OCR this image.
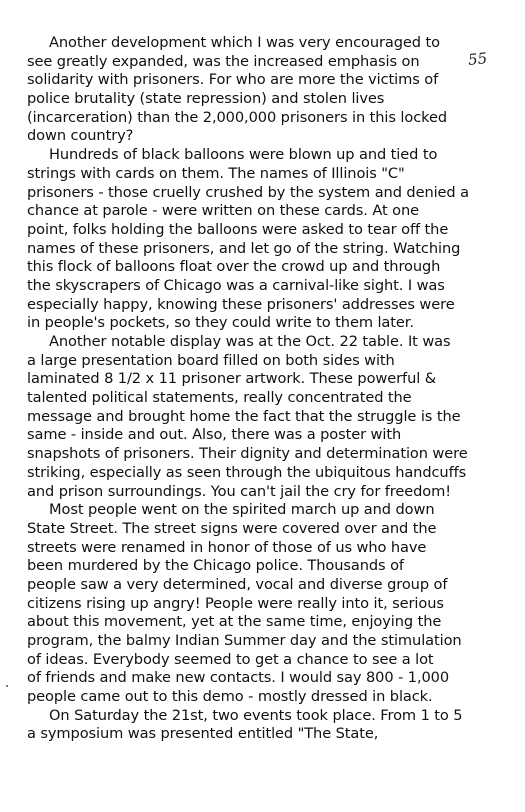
55
Another development which I was very encouraged to
see greatly expanded, was the increased emphasis on
solidarity with prisoners. For who are more the victims of
police brutality (state repression) and stolen lives
(incarceration) than the 2,000,000 prisoners in this locked
down country?
Hundreds of black balloons were blown up and tied to
strings with cards on them. The names of Illinois "C"
prisoners - those cruelly crushed by the system and denied a
chance at parole - were written on these cards. At one
point, folks holding the balloons were asked to tear off the
names of these prisoners, and let go of the string. Watching
this flock of balloons float over the crowd up and through
the skyscrapers of Chicago was a carnival-like sight. I was
especially happy, knowing these prisoners' addresses were
in people's pockets, so they could write to them later.
Another notable display was at the Oct. 22 table. It was
a large presentation board filled on both sides with
laminated 8 1/2 x 11 prisoner artwork. These powerful &
talented political statements, really concentrated the
message and brought home the fact that the struggle is the
same - inside and out. Also, there was a poster with
snapshots of prisoners. Their dignity and determination were
striking, especially as seen through the ubiquitous handcuffs
and prison surroundings. You can't jail the cry for freedom!
Most people went on the spirited march up and down
State Street. The street signs were covered over and the
streets were renamed in honor of those of us who have
been murdered by the Chicago police. Thousands of
people saw a very determined, vocal and diverse group of
citizens rising up angry! People were really into it, serious
about this movement, yet at the same time, enjoying the
program, the balmy Indian Summer day and the stimulation
of ideas. Everybody seemed to get a chance to see a lot
of friends and make new contacts. I would say 800 - 1,000
people came out to this demo - mostly dressed in black.
On Saturday the 21st, two events took place. From 1 to 5
a symposium was presented entitled "The State,
